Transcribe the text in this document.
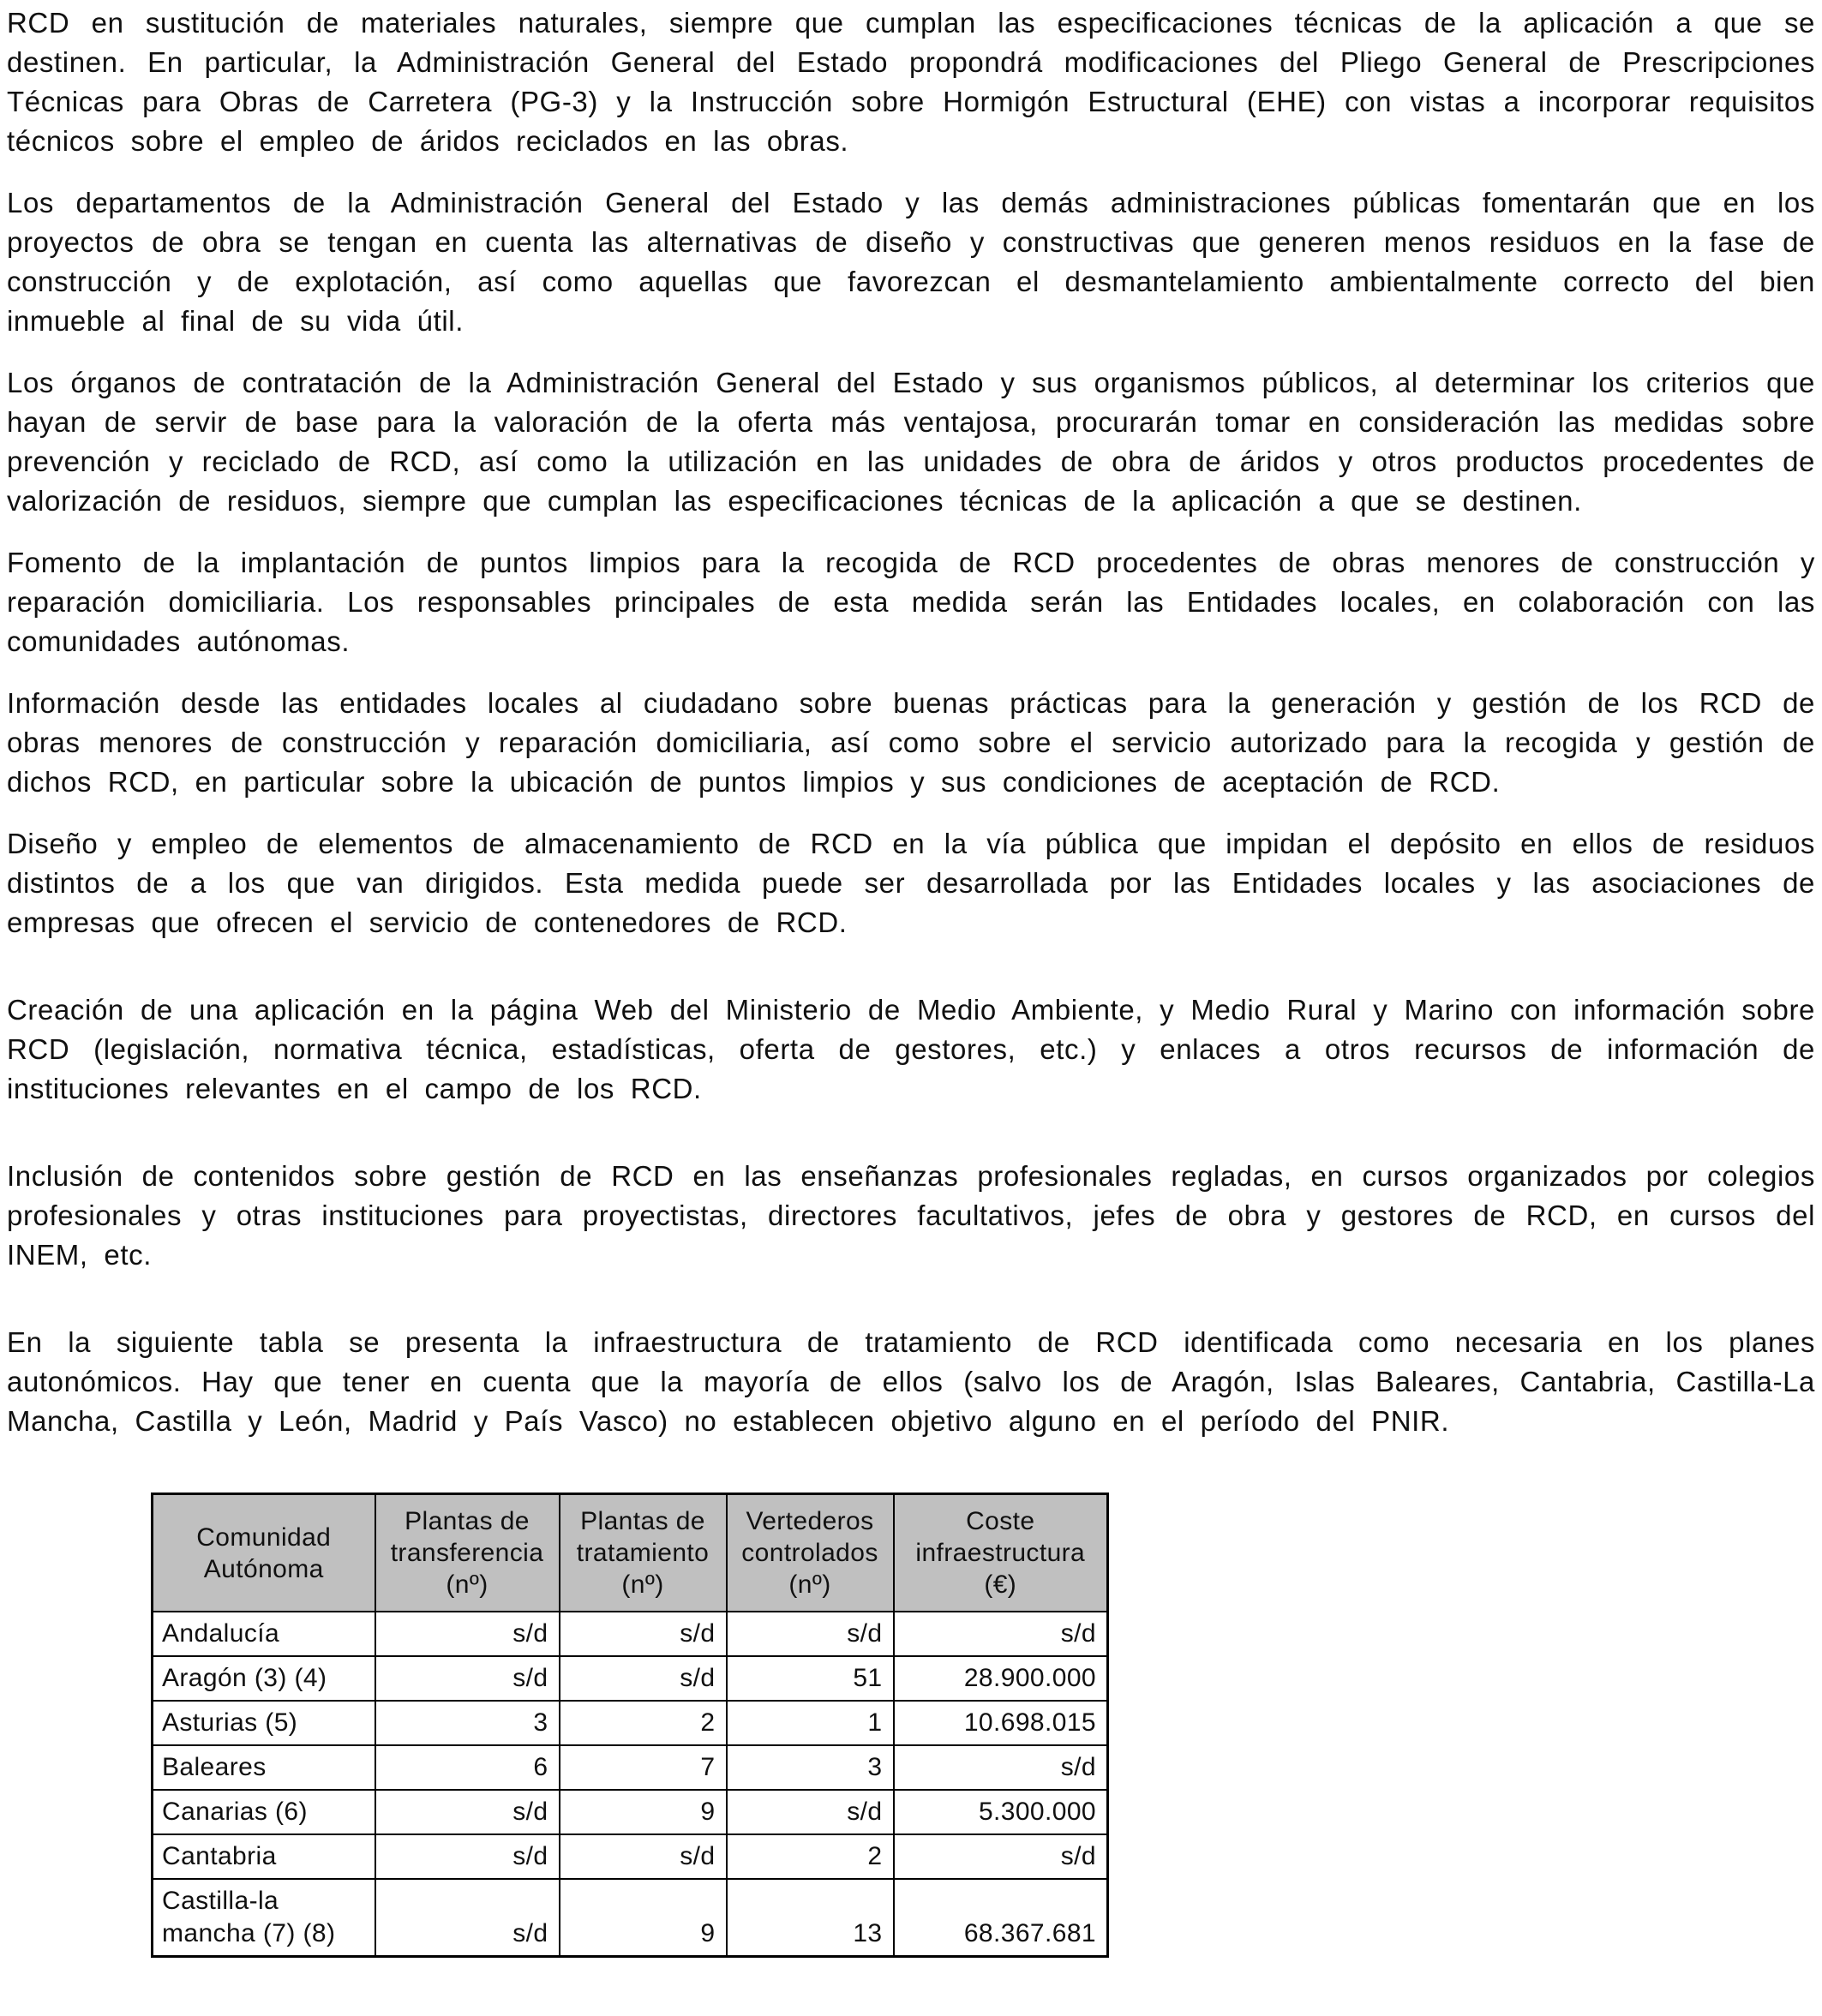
RCD en sustitución de materiales naturales, siempre que cumplan las especificaciones técnicas de la aplicación a que se destinen. En particular, la Administración General del Estado propondrá modificaciones del Pliego General de Prescripciones Técnicas para Obras de Carretera (PG-3) y la Instrucción sobre Hormigón Estructural (EHE) con vistas a incorporar requisitos técnicos sobre el empleo de áridos reciclados en las obras.

Los departamentos de la Administración General del Estado y las demás administraciones públicas fomentarán que en los proyectos de obra se tengan en cuenta las alternativas de diseño y constructivas que generen menos residuos en la fase de construcción y de explotación, así como aquellas que favorezcan el desmantelamiento ambientalmente correcto del bien inmueble al final de su vida útil.

Los órganos de contratación de la Administración General del Estado y sus organismos públicos, al determinar los criterios que hayan de servir de base para la valoración de la oferta más ventajosa, procurarán tomar en consideración las medidas sobre prevención y reciclado de RCD, así como la utilización en las unidades de obra de áridos y otros productos procedentes de valorización de residuos, siempre que cumplan las especificaciones técnicas de la aplicación a que se destinen.

Fomento de la implantación de puntos limpios para la recogida de RCD procedentes de obras menores de construcción y reparación domiciliaria. Los responsables principales de esta medida serán las Entidades locales, en colaboración con las comunidades autónomas.

Información desde las entidades locales al ciudadano sobre buenas prácticas para la generación y gestión de los RCD de obras menores de construcción y reparación domiciliaria, así como sobre el servicio autorizado para la recogida y gestión de dichos RCD, en particular sobre la ubicación de puntos limpios y sus condiciones de aceptación de RCD.

Diseño y empleo de elementos de almacenamiento de RCD en la vía pública que impidan el depósito en ellos de residuos distintos de a los que van dirigidos. Esta medida puede ser desarrollada por las Entidades locales y las asociaciones de empresas que ofrecen el servicio de contenedores de RCD.

Creación de una aplicación en la página Web del Ministerio de Medio Ambiente, y Medio Rural y Marino con información sobre RCD (legislación, normativa técnica, estadísticas, oferta de gestores, etc.) y enlaces a otros recursos de información de instituciones relevantes en el campo de los RCD.

Inclusión de contenidos sobre gestión de RCD en las enseñanzas profesionales regladas, en cursos organizados por colegios profesionales y otras instituciones para proyectistas, directores facultativos, jefes de obra y gestores de RCD, en cursos del INEM, etc.

En la siguiente tabla se presenta la infraestructura de tratamiento de RCD identificada como necesaria en los planes autonómicos. Hay que tener en cuenta que la mayoría de ellos (salvo los de Aragón, Islas Baleares, Cantabria, Castilla-La Mancha, Castilla y León, Madrid y País Vasco) no establecen objetivo alguno en el período del PNIR.

Comunidad Autónoma	Plantas de transferencia (nº)	Plantas de tratamiento (nº)	Vertederos controlados (nº)	Coste infraestructura (€)
Andalucía	s/d	s/d	s/d	s/d
Aragón (3) (4)	s/d	s/d	51	28.900.000
Asturias (5)	3	2	1	10.698.015
Baleares	6	7	3	s/d
Canarias (6)	s/d	9	s/d	5.300.000
Cantabria	s/d	s/d	2	s/d
Castilla-la mancha (7) (8)	s/d	9	13	68.367.681
